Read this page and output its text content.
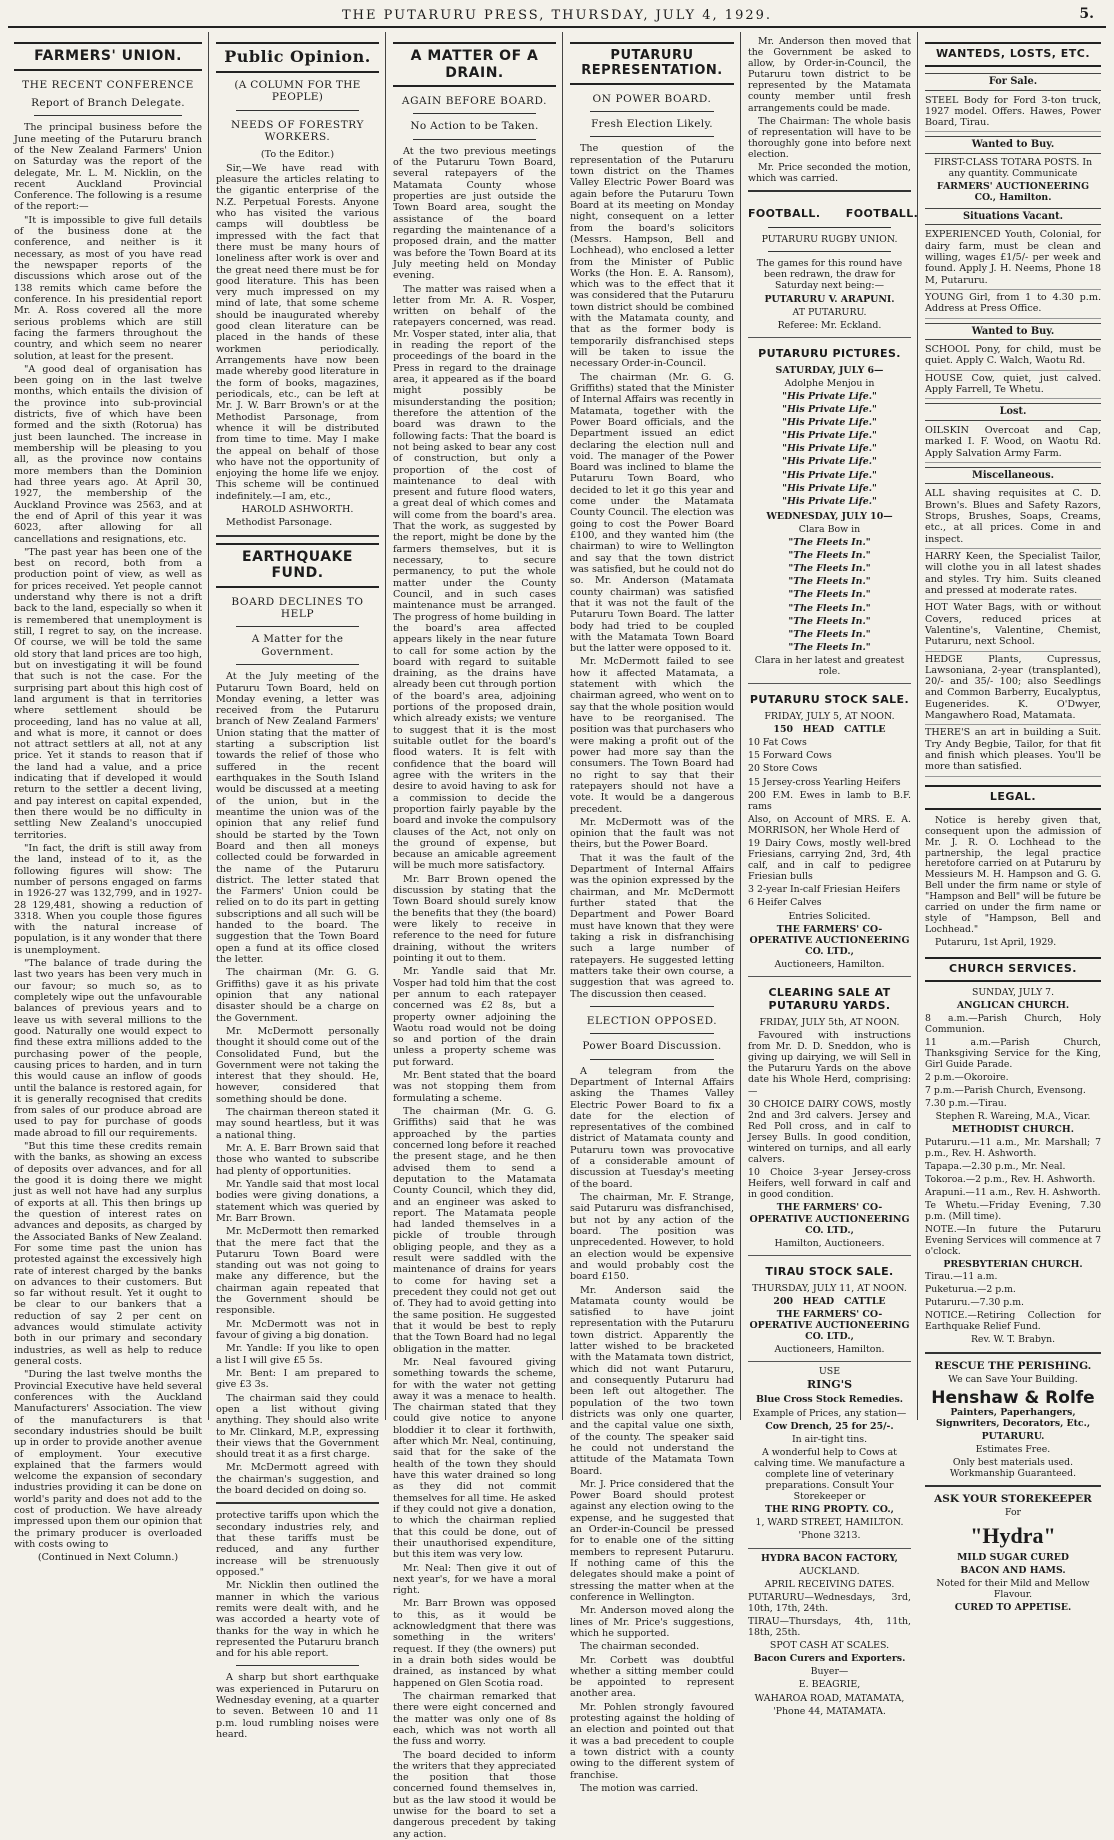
THE PUTARURU PRESS, THURSDAY, JULY 4, 1929.	5.
FARMERS' UNION.
THE RECENT CONFERENCE
Report of Branch Delegate.

The principal business before the June meeting of the Putaruru branch of the New Zealand Farmers' Union on Saturday was the report of the delegate, Mr. L. M. Nicklin, on the recent Auckland Provincial Conference. The following is a resume of the report:—

"It is impossible to give full details of the business done at the conference, and neither is it necessary, as most of you have read the newspaper reports of the discussions which arose out of the 138 remits which came before the conference. In his presidential report Mr. A. Ross covered all the more serious problems which are still facing the farmers throughout the country, and which seem no nearer solution, at least for the present.

"A good deal of organisation has been going on in the last twelve months, which entails the division of the province into sub-provincial districts, five of which have been formed and the sixth (Rotorua) has just been launched. The increase in membership will be pleasing to you all, as the province now contains more members than the Dominion had three years ago. At April 30, 1927, the membership of the Auckland Province was 2563, and at the end of April of this year it was 6023, after allowing for all cancellations and resignations, etc.

"The past year has been one of the best on record, both from a production point of view, as well as for prices received. Yet people cannot understand why there is not a drift back to the land, especially so when it is remembered that unemployment is still, I regret to say, on the increase. Of course, we will be told the same old story that land prices are too high, but on investigating it will be found that such is not the case. For the surprising part about this high cost of land argument is that in territories where settlement should be proceeding, land has no value at all, and what is more, it cannot or does not attract settlers at all, not at any price. Yet it stands to reason that if the land had a value, and a price indicating that if developed it would return to the settler a decent living, and pay interest on capital expended, then there would be no difficulty in settling New Zealand's unoccupied territories.

"In fact, the drift is still away from the land, instead of to it, as the following figures will show: The number of persons engaged on farms in 1926-27 was 132,799, and in 1927-28 129,481, showing a reduction of 3318. When you couple those figures with the natural increase of population, is it any wonder that there is unemployment.

"The balance of trade during the last two years has been very much in our favour; so much so, as to completely wipe out the unfavourable balances of previous years and to leave us with several millions to the good. Naturally one would expect to find these extra millions added to the purchasing power of the people, causing prices to harden, and in turn this would cause an inflow of goods until the balance is restored again, for it is generally recognised that credits from sales of our produce abroad are used to pay for purchase of goods made abroad to fill our requirements.

"But this time these credits remain with the banks, as showing an excess of deposits over advances, and for all the good it is doing there we might just as well not have had any surplus of exports at all. This then brings up the question of interest rates on advances and deposits, as charged by the Associated Banks of New Zealand. For some time past the union has protested against the excessively high rate of interest charged by the banks on advances to their customers. But so far without result. Yet it ought to be clear to our bankers that a reduction of say 2 per cent on advances would stimulate activity both in our primary and secondary industries, as well as help to reduce general costs.

"During the last twelve months the Provincial Executive have held several conferences with the Auckland Manufacturers' Association. The view of the manufacturers is that secondary industries should be built up in order to provide another avenue of employment. Your executive explained that the farmers would welcome the expansion of secondary industries providing it can be done on world's parity and does not add to the cost of production. We have already impressed upon them our opinion that the primary producer is overloaded with costs owing to

(Continued in Next Column.)

Public Opinion.
(A COLUMN FOR THE PEOPLE)
NEEDS OF FORESTRY WORKERS.

(To the Editor.)

Sir,—We have read with pleasure the articles relating to the gigantic enterprise of the N.Z. Perpetual Forests. Anyone who has visited the various camps will doubtless be impressed with the fact that there must be many hours of loneliness after work is over and the great need there must be for good literature. This has been very much impressed on my mind of late, that some scheme should be inaugurated whereby good clean literature can be placed in the hands of these workmen periodically. Arrangements have now been made whereby good literature in the form of books, magazines, periodicals, etc., can be left at Mr. J. W. Barr Brown's or at the Methodist Parsonage, from whence it will be distributed from time to time. May I make the appeal on behalf of those who have not the opportunity of enjoying the home life we enjoy. This scheme will be continued indefinitely.—I am, etc.,

HAROLD ASHWORTH.

Methodist Parsonage.

EARTHQUAKE FUND.
BOARD DECLINES TO HELP
A Matter for the Government.

At the July meeting of the Putaruru Town Board, held on Monday evening, a letter was received from the Putaruru branch of New Zealand Farmers' Union stating that the matter of starting a subscription list towards the relief of those who suffered in the recent earthquakes in the South Island would be discussed at a meeting of the union, but in the meantime the union was of the opinion that any relief fund should be started by the Town Board and then all moneys collected could be forwarded in the name of the Putaruru district. The letter stated that the Farmers' Union could be relied on to do its part in getting subscriptions and all such will be handed to the board. The suggestion that the Town Board open a fund at its office closed the letter.

The chairman (Mr. G. G. Griffiths) gave it as his private opinion that any national disaster should be a charge on the Government.

Mr. McDermott personally thought it should come out of the Consolidated Fund, but the Government were not taking the interest that they should. He, however, considered that something should be done.

The chairman thereon stated it may sound heartless, but it was a national thing.

Mr. A. E. Barr Brown said that those who wanted to subscribe had plenty of opportunities.

Mr. Yandle said that most local bodies were giving donations, a statement which was queried by Mr. Barr Brown.

Mr. McDermott then remarked that the mere fact that the Putaruru Town Board were standing out was not going to make any difference, but the chairman again repeated that the Government should be responsible.

Mr. McDermott was not in favour of giving a big donation.

Mr. Yandle: If you like to open a list I will give £5 5s.

Mr. Bent: I am prepared to give £3 3s.

The chairman said they could open a list without giving anything. They should also write to Mr. Clinkard, M.P., expressing their views that the Government should treat it as a first charge.

Mr. McDermott agreed with the chairman's suggestion, and the board decided on doing so.

protective tariffs upon which the secondary industries rely, and that these tariffs must be reduced, and any further increase will be strenuously opposed."

Mr. Nicklin then outlined the manner in which the various remits were dealt with, and he was accorded a hearty vote of thanks for the way in which he represented the Putaruru branch and for his able report.

A sharp but short earthquake was experienced in Putaruru on Wednesday evening, at a quarter to seven. Between 10 and 11 p.m. loud rumbling noises were heard.

A MATTER OF A DRAIN.
AGAIN BEFORE BOARD.
No Action to be Taken.

At the two previous meetings of the Putaruru Town Board, several ratepayers of the Matamata County whose properties are just outside the Town Board area, sought the assistance of the board regarding the maintenance of a proposed drain, and the matter was before the Town Board at its July meeting held on Monday evening.

The matter was raised when a letter from Mr. A. R. Vosper, written on behalf of the ratepayers concerned, was read. Mr. Vosper stated, inter alia, that in reading the report of the proceedings of the board in the Press in regard to the drainage area, it appeared as if the board might possibly be misunderstanding the position; therefore the attention of the board was drawn to the following facts: That the board is not being asked to bear any cost of construction, but only a proportion of the cost of maintenance to deal with present and future flood waters, a great deal of which comes and will come from the board's area. That the work, as suggested by the report, might be done by the farmers themselves, but it is necessary, to secure permanency, to put the whole matter under the County Council, and in such cases maintenance must be arranged. The progress of home building in the board's area affected appears likely in the near future to call for some action by the board with regard to suitable draining, as the drains have already been cut through portion of the board's area, adjoining portions of the proposed drain, which already exists; we venture to suggest that it is the most suitable outlet for the board's flood waters. It is felt with confidence that the board will agree with the writers in the desire to avoid having to ask for a commission to decide the proportion fairly payable by the board and invoke the compulsory clauses of the Act, not only on the ground of expense, but because an amicable agreement will be much more satisfactory.

Mr. Barr Brown opened the discussion by stating that the Town Board should surely know the benefits that they (the board) were likely to receive in reference to the need for future draining, without the writers pointing it out to them.

Mr. Yandle said that Mr. Vosper had told him that the cost per annum to each ratepayer concerned was £2 8s, but a property owner adjoining the Waotu road would not be doing so and portion of the drain unless a property scheme was put forward.

Mr. Bent stated that the board was not stopping them from formulating a scheme.

The chairman (Mr. G. G. Griffiths) said that he was approached by the parties concerned long before it reached the present stage, and he then advised them to send a deputation to the Matamata County Council, which they did, and an engineer was asked to report. The Matamata people had landed themselves in a pickle of trouble through obliging people, and they as a result were saddled with the maintenance of drains for years to come for having set a precedent they could not get out of. They had to avoid getting into the same position. He suggested that it would be best to reply that the Town Board had no legal obligation in the matter.

Mr. Neal favoured giving something towards the scheme, for with the water not getting away it was a menace to health. The chairman stated that they could give notice to anyone bloddier it to clear it forthwith, after which Mr. Neal, continuing, said that for the sake of the health of the town they should have this water drained so long as they did not commit themselves for all time. He asked if they could not give a donation, to which the chairman replied that this could be done, out of their unauthorised expenditure, but this item was very low.

Mr. Neal: Then give it out of next year's, for we have a moral right.

Mr. Barr Brown was opposed to this, as it would be acknowledgment that there was something in the writers' request. If they (the owners) put in a drain both sides would be drained, as instanced by what happened on Glen Scotia road.

The chairman remarked that there were eight concerned and the matter was only one of 8s each, which was not worth all the fuss and worry.

The board decided to inform the writers that they appreciated the position that those concerned found themselves in, but as the law stood it would be unwise for the board to set a dangerous precedent by taking any action.

PUTARURU REPRESENTATION.
ON POWER BOARD.
Fresh Election Likely.

The question of the representation of the Putaruru town district on the Thames Valley Electric Power Board was again before the Putaruru Town Board at its meeting on Monday night, consequent on a letter from the board's solicitors (Messrs. Hampson, Bell and Lochhead), who enclosed a letter from the Minister of Public Works (the Hon. E. A. Ransom), which was to the effect that it was considered that the Putaruru town district should be combined with the Matamata county, and that as the former body is temporarily disfranchised steps will be taken to issue the necessary Order-in-Council.

The chairman (Mr. G. G. Griffiths) stated that the Minister of Internal Affairs was recently in Matamata, together with the Power Board officials, and the Department issued an edict declaring the election null and void. The manager of the Power Board was inclined to blame the Putaruru Town Board, who decided to let it go this year and come under the Matamata County Council. The election was going to cost the Power Board £100, and they wanted him (the chairman) to wire to Wellington and say that the town district was satisfied, but he could not do so. Mr. Anderson (Matamata county chairman) was satisfied that it was not the fault of the Putaruru Town Board. The latter body had tried to be coupled with the Matamata Town Board but the latter were opposed to it.

Mr. McDermott failed to see how it affected Matamata, a statement with which the chairman agreed, who went on to say that the whole position would have to be reorganised. The position was that purchasers who were making a profit out of the power had more say than the consumers. The Town Board had no right to say that their ratepayers should not have a vote. It would be a dangerous precedent.

Mr. McDermott was of the opinion that the fault was not theirs, but the Power Board.

That it was the fault of the Department of Internal Affairs was the opinion expressed by the chairman, and Mr. McDermott further stated that the Department and Power Board must have known that they were taking a risk in disfranchising such a large number of ratepayers. He suggested letting matters take their own course, a suggestion that was agreed to. The discussion then ceased.

ELECTION OPPOSED.
Power Board Discussion.

A telegram from the Department of Internal Affairs asking the Thames Valley Electric Power Board to fix a date for the election of representatives of the combined district of Matamata county and Putaruru town was provocative of a considerable amount of discussion at Tuesday's meeting of the board.

The chairman, Mr. F. Strange, said Putaruru was disfranchised, but not by any action of the board. The position was unprecedented. However, to hold an election would be expensive and would probably cost the board £150.

Mr. Anderson said the Matamata county would be satisfied to have joint representation with the Putaruru town district. Apparently the latter wished to be bracketed with the Matamata town district, which did not want Putaruru, and consequently Putaruru had been left out altogether. The population of the two town districts was only one quarter, and the capital value one sixth, of the county. The speaker said he could not understand the attitude of the Matamata Town Board.

Mr. J. Price considered that the Power Board should protest against any election owing to the expense, and he suggested that an Order-in-Council be pressed for to enable one of the sitting members to represent Putaruru. If nothing came of this the delegates should make a point of stressing the matter when at the conference in Wellington.

Mr. Anderson moved along the lines of Mr. Price's suggestions, which he supported.

The chairman seconded.

Mr. Corbett was doubtful whether a sitting member could be appointed to represent another area.

Mr. Pohlen strongly favoured protesting against the holding of an election and pointed out that it was a bad precedent to couple a town district with a county owing to the different system of franchise.

The motion was carried.

Mr. Anderson then moved that the Government be asked to allow, by Order-in-Council, the Putaruru town district to be represented by the Matamata county member until fresh arrangements could be made.

The Chairman: The whole basis of representation will have to be thoroughly gone into before next election.

Mr. Price seconded the motion, which was carried.

FOOTBALL.      FOOTBALL.

PUTARURU RUGBY UNION.

The games for this round have been redrawn, the draw for Saturday next being:—

PUTARURU V. ARAPUNI.

AT PUTARURU.

Referee: Mr. Eckland.

PUTARURU PICTURES.

SATURDAY, JULY 6—

Adolphe Menjou in

"His Private Life."

"His Private Life."

"His Private Life."

"His Private Life."

"His Private Life."

"His Private Life."

"His Private Life."

"His Private Life."

"His Private Life."

WEDNESDAY, JULY 10—

Clara Bow in

"The Fleets In."

"The Fleets In."

"The Fleets In."

"The Fleets In."

"The Fleets In."

"The Fleets In."

"The Fleets In."

"The Fleets In."

"The Fleets In."

Clara in her latest and greatest role.

PUTARURU STOCK SALE.

FRIDAY, JULY 5, AT NOON.

150   HEAD   CATTLE

10 Fat Cows

15 Forward Cows

20 Store Cows

15 Jersey-cross Yearling Heifers

200 F.M. Ewes in lamb to B.F. rams

Also, on Account of MRS. E. A. MORRISON, her Whole Herd of

19 Dairy Cows, mostly well-bred Friesians, carrying 2nd, 3rd, 4th calf, and in calf to pedigree Friesian bulls

3 2-year In-calf Friesian Heifers

6 Heifer Calves

Entries Solicited.

THE FARMERS' CO-OPERATIVE AUCTIONEERING CO. LTD.,

Auctioneers, Hamilton.

CLEARING SALE AT PUTARURU YARDS.

FRIDAY, JULY 5th, AT NOON.

Favoured with instructions from Mr. D. D. Sneddon, who is giving up dairying, we will Sell in the Putaruru Yards on the above date his Whole Herd, comprising:—

30 CHOICE DAIRY COWS, mostly 2nd and 3rd calvers. Jersey and Red Poll cross, and in calf to Jersey Bulls. In good condition, wintered on turnips, and all early calvers.

10 Choice 3-year Jersey-cross Heifers, well forward in calf and in good condition.

THE FARMERS' CO-OPERATIVE AUCTIONEERING CO. LTD.,

Hamilton, Auctioneers.

TIRAU STOCK SALE.

THURSDAY, JULY 11, AT NOON.

200   HEAD   CATTLE

THE FARMERS' CO-OPERATIVE AUCTIONEERING CO. LTD.,

Auctioneers, Hamilton.

USE

RING'S

Blue Cross Stock Remedies.

Example of Prices, any station—

Cow Drench, 25 for 25/-.

In air-tight tins.

A wonderful help to Cows at calving time. We manufacture a complete line of veterinary preparations. Consult Your Storekeeper or

THE RING PROPTY. CO.,

1, WARD STREET, HAMILTON.

'Phone 3213.

HYDRA BACON FACTORY,

AUCKLAND.

APRIL RECEIVING DATES.

PUTARURU—Wednesdays, 3rd, 10th, 17th, 24th.

TIRAU—Thursdays, 4th, 11th, 18th, 25th.

SPOT CASH AT SCALES.

Bacon Curers and Exporters.

Buyer—

E. BEAGRIE,

WAHAROA ROAD, MATAMATA,

'Phone 44, MATAMATA.

WANTEDS, LOSTS, ETC.
For Sale.

STEEL Body for Ford 3-ton truck, 1927 model. Offers. Hawes, Power Board, Tirau.

Wanted to Buy.

FIRST-CLASS TOTARA POSTS. In any quantity. Communicate

FARMERS' AUCTIONEERING CO., Hamilton.

Situations Vacant.

EXPERIENCED Youth, Colonial, for dairy farm, must be clean and willing, wages £1/5/- per week and found. Apply J. H. Neems, Phone 18 M, Putaruru.

YOUNG Girl, from 1 to 4.30 p.m. Address at Press Office.

Wanted to Buy.

SCHOOL Pony, for child, must be quiet. Apply C. Walch, Waotu Rd.

HOUSE Cow, quiet, just calved. Apply Farrell, Te Whetu.

Lost.

OILSKIN Overcoat and Cap, marked I. F. Wood, on Waotu Rd. Apply Salvation Army Farm.

Miscellaneous.

ALL shaving requisites at C. D. Brown's. Blues and Safety Razors, Strops, Brushes, Soaps, Creams, etc., at all prices. Come in and inspect.

HARRY Keen, the Specialist Tailor, will clothe you in all latest shades and styles. Try him. Suits cleaned and pressed at moderate rates.

HOT Water Bags, with or without Covers, reduced prices at Valentine's, Valentine, Chemist, Putaruru, next School.

HEDGE Plants, Cupressus, Lawsoniana, 2-year (transplanted), 20/- and 35/- 100; also Seedlings and Common Barberry, Eucalyptus, Eugenerides. K. O'Dwyer, Mangawhero Road, Matamata.

THERE'S an art in building a Suit. Try Andy Begbie, Tailor, for that fit and finish which pleases. You'll be more than satisfied.

LEGAL.

Notice is hereby given that, consequent upon the admission of Mr. J. R. O. Lochhead to the partnership, the legal practice heretofore carried on at Putaruru by Messieurs M. H. Hampson and G. G. Bell under the firm name or style of "Hampson and Bell" will be future be carried on under the firm name or style of "Hampson, Bell and Lochhead."

Putaruru, 1st April, 1929.

CHURCH SERVICES.

SUNDAY, JULY 7.

ANGLICAN CHURCH.

8 a.m.—Parish Church, Holy Communion.

11 a.m.—Parish Church, Thanksgiving Service for the King, Girl Guide Parade.

2 p.m.—Okoroire.

7 p.m.—Parish Church, Evensong.

7.30 p.m.—Tirau.

Stephen R. Wareing, M.A., Vicar.

METHODIST CHURCH.

Putaruru.—11 a.m., Mr. Marshall; 7 p.m., Rev. H. Ashworth.

Tapapa.—2.30 p.m., Mr. Neal.

Tokoroa.—2 p.m., Rev. H. Ashworth.

Arapuni.—11 a.m., Rev. H. Ashworth.

Te Whetu.—Friday Evening, 7.30 p.m. (Mill time).

NOTE.—In future the Putaruru Evening Services will commence at 7 o'clock.

PRESBYTERIAN CHURCH.

Tirau.—11 a.m.

Puketurua.—2 p.m.

Putaruru.—7.30 p.m.

NOTICE.—Retiring Collection for Earthquake Relief Fund.

Rev. W. T. Brabyn.

RESCUE THE PERISHING.

We can Save Your Building.

Henshaw & Rolfe

Painters, Paperhangers, Signwriters, Decorators, Etc.,

PUTARURU.

Estimates Free.

Only best materials used. Workmanship Guaranteed.

ASK YOUR STOREKEEPER

For

"Hydra"

MILD SUGAR CURED

BACON AND HAMS.

Noted for their Mild and Mellow Flavour.

CURED TO APPETISE.
